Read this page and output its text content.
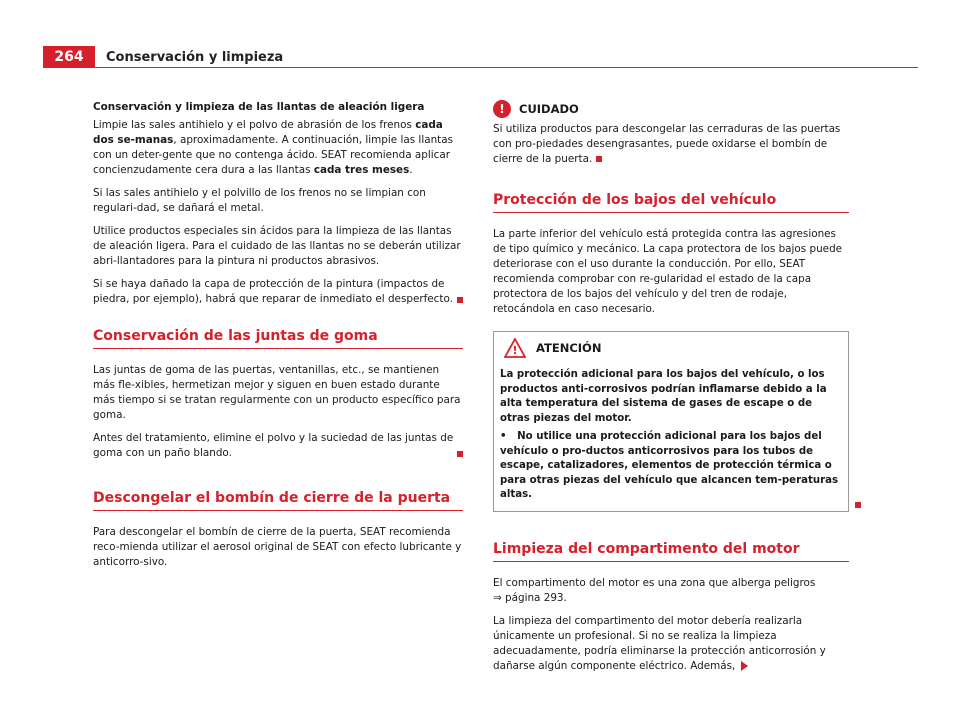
264	Conservación y limpieza
Conservación y limpieza de las llantas de aleación ligera

Limpie las sales antihielo y el polvo de abrasión de los frenos cada dos se-manas, aproximadamente. A continuación, limpie las llantas con un deter-gente que no contenga ácido. SEAT recomienda aplicar concienzudamente cera dura a las llantas cada tres meses.

Si las sales antihielo y el polvillo de los frenos no se limpian con regulari-dad, se dañará el metal.

Utilice productos especiales sin ácidos para la limpieza de las llantas de aleación ligera. Para el cuidado de las llantas no se deberán utilizar abri-llantadores para la pintura ni productos abrasivos.

Si se haya dañado la capa de protección de la pintura (impactos de piedra, por ejemplo), habrá que reparar de inmediato el desperfecto.

Conservación de las juntas de goma

Las juntas de goma de las puertas, ventanillas, etc., se mantienen más fle-xibles, hermetizan mejor y siguen en buen estado durante más tiempo si se tratan regularmente con un producto específico para goma.

Antes del tratamiento, elimine el polvo y la suciedad de las juntas de goma con un paño blando.

Descongelar el bombín de cierre de la puerta

Para descongelar el bombín de cierre de la puerta, SEAT recomienda reco-mienda utilizar el aerosol original de SEAT con efecto lubricante y anticorro-sivo.

!	CUIDADO

Si utiliza productos para descongelar las cerraduras de las puertas con pro-piedades desengrasantes, puede oxidarse el bombín de cierre de la puerta.

Protección de los bajos del vehículo

La parte inferior del vehículo está protegida contra las agresiones de tipo químico y mecánico. La capa protectora de los bajos puede deteriorase con el uso durante la conducción. Por ello, SEAT recomienda comprobar con re-gularidad el estado de la capa protectora de los bajos del vehículo y del tren de rodaje, retocándola en caso necesario.

! ATENCIÓN

La protección adicional para los bajos del vehículo, o los productos anti-corrosivos podrían inflamarse debido a la alta temperatura del sistema de gases de escape o de otras piezas del motor.

• No utilice una protección adicional para los bajos del vehículo o pro-ductos anticorrosivos para los tubos de escape, catalizadores, elementos de protección térmica o para otras piezas del vehículo que alcancen tem-peraturas altas.

Limpieza del compartimento del motor

El compartimento del motor es una zona que alberga peligros
⇒ página 293.

La limpieza del compartimento del motor debería realizarla únicamente un profesional. Si no se realiza la limpieza adecuadamente, podría eliminarse la protección anticorrosión y dañarse algún componente eléctrico. Además,
